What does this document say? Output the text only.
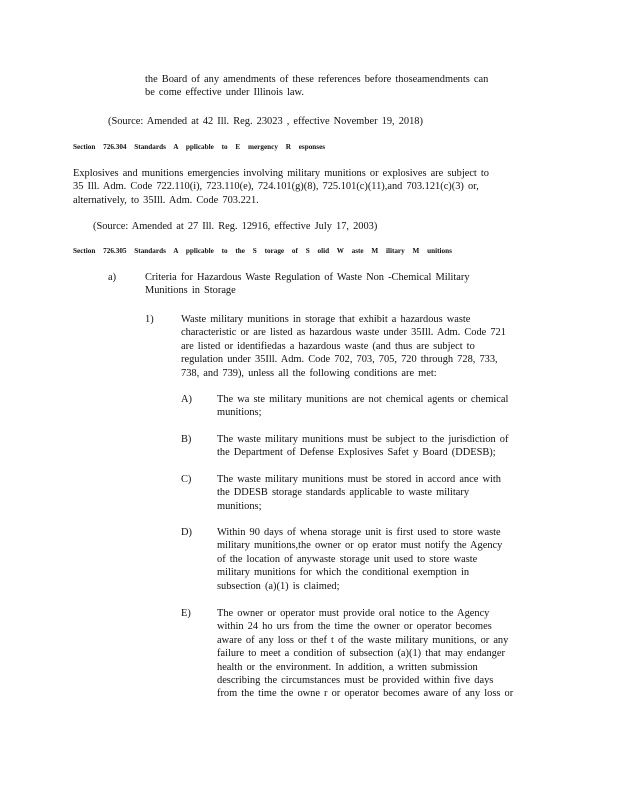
the Board of any amendments of these references before thoseamendments can

be come effective under Illinois law.

(Source: Amended at 42 Ill. Reg. 23023 , effective November 19, 2018)

Section 726.304 Standards A pplicable to E mergency R esponses

Explosives and munitions emergencies involving military munitions or explosives are subject to

35 Ill. Adm. Code 722.110(i), 723.110(e), 724.101(g)(8), 725.101(c)(11),and 703.121(c)(3) or,

alternatively, to 35Ill. Adm. Code 703.221.

(Source: Amended at 27 Ill. Reg. 12916, effective July 17, 2003)

Section 726.305 Standards A pplicable to the S torage of S olid W aste M ilitary M unitions

a)	Criteria for Hazardous Waste Regulation of Waste Non -Chemical Military

Munitions in Storage

1)	Waste military munitions in storage that exhibit a hazardous waste

characteristic or are listed as hazardous waste under 35Ill. Adm. Code 721

are listed or identifiedas a hazardous waste (and thus are subject to

regulation under 35Ill. Adm. Code 702, 703, 705, 720 through 728, 733,

738, and 739), unless all the following conditions are met:

A) The wa ste military munitions are not chemical agents or chemical

munitions;

B) The waste military munitions must be subject to the jurisdiction of

the Department of Defense Explosives Safet y Board (DDESB);

C) The waste military munitions must be stored in accord ance with

the DDESB storage standards applicable to waste military

munitions;

D) Within 90 days of whena storage unit is first used to store waste

military munitions,the owner or op erator must notify the Agency

of the location of anywaste storage unit used to store waste

military munitions for which the conditional exemption in

subsection (a)(1) is claimed;

E)	The owner or operator must provide oral notice to the Agency

within 24 ho urs from the time the owner or operator becomes

aware of any loss or thef t of the waste military munitions, or any

failure to meet a condition of subsection (a)(1) that may endanger

health or the environment. In addition, a written submission

describing the circumstances must be provided within five days

from the time the owne r or operator becomes aware of any loss or
